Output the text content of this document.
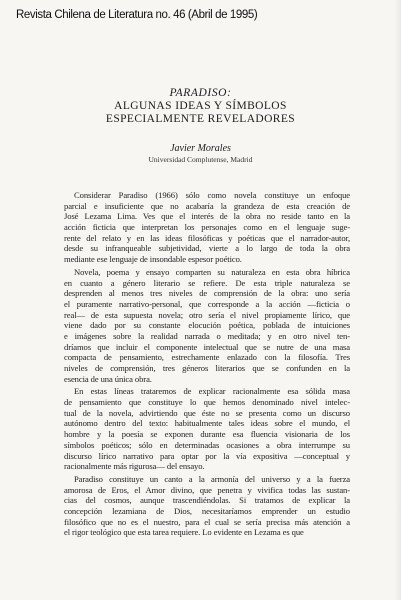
Revista Chilena de Literatura no. 46 (Abril de 1995)
PARADISO:
ALGUNAS IDEAS Y SÍMBOLOS
ESPECIALMENTE REVELADORES
Javier Morales
Universidad Complutense, Madrid
Considerar Paradiso (1966) sólo como novela constituye un enfoque
parcial e insuficiente que no acabaría la grandeza de esta creación de
José Lezama Lima. Ves que el interés de la obra no reside tanto en la
acción ficticia que interpretan los personajes como en el lenguaje suge-
rente del relato y en las ideas filosóficas y poéticas que el narrador-autor,
desde su infranqueable subjetividad, vierte a lo largo de toda la obra
mediante ese lenguaje de insondable espesor poético.
Novela, poema y ensayo comparten su naturaleza en esta obra híbrica
en cuanto a género literario se refiere. De esta triple naturaleza se
desprenden al menos tres niveles de comprensión de la obra: uno sería
el puramente narrativo-personal, que corresponde a la acción —ficticia o
real— de esta supuesta novela; otro sería el nivel propiamente lírico, que
viene dado por su constante elocución poética, poblada de intuiciones
e imágenes sobre la realidad narrada o meditada; y en otro nivel ten-
dríamos que incluir el componente intelectual que se nutre de una masa
compacta de pensamiento, estrechamente enlazado con la filosofía. Tres
niveles de comprensión, tres géneros literarios que se confunden en la
esencia de una única obra.
En estas líneas trataremos de explicar racionalmente esa sólida masa
de pensamiento que constituye lo que hemos denominado nivel intelec-
tual de la novela, advirtiendo que éste no se presenta como un discurso
autónomo dentro del texto: habitualmente tales ideas sobre el mundo, el
hombre y la poesía se exponen durante esa fluencia visionaria de los
símbolos poéticos; sólo en determinadas ocasiones a obra interrumpe su
discurso lírico narrativo para optar por la vía expositiva —conceptual y
racionalmente más rigurosa— del ensayo.
Paradiso constituye un canto a la armonía del universo y a la fuerza
amorosa de Eros, el Amor divino, que penetra y vivifica todas las sustan-
cias del cosmos, aunque trascendiéndolas. Si tratamos de explicar la
concepción lezamiana de Dios, necesitaríamos emprender un estudio
filosófico que no es el nuestro, para el cual se sería precisa más atención a
el rigor teológico que esta tarea requiere. Lo evidente en Lezama es que
